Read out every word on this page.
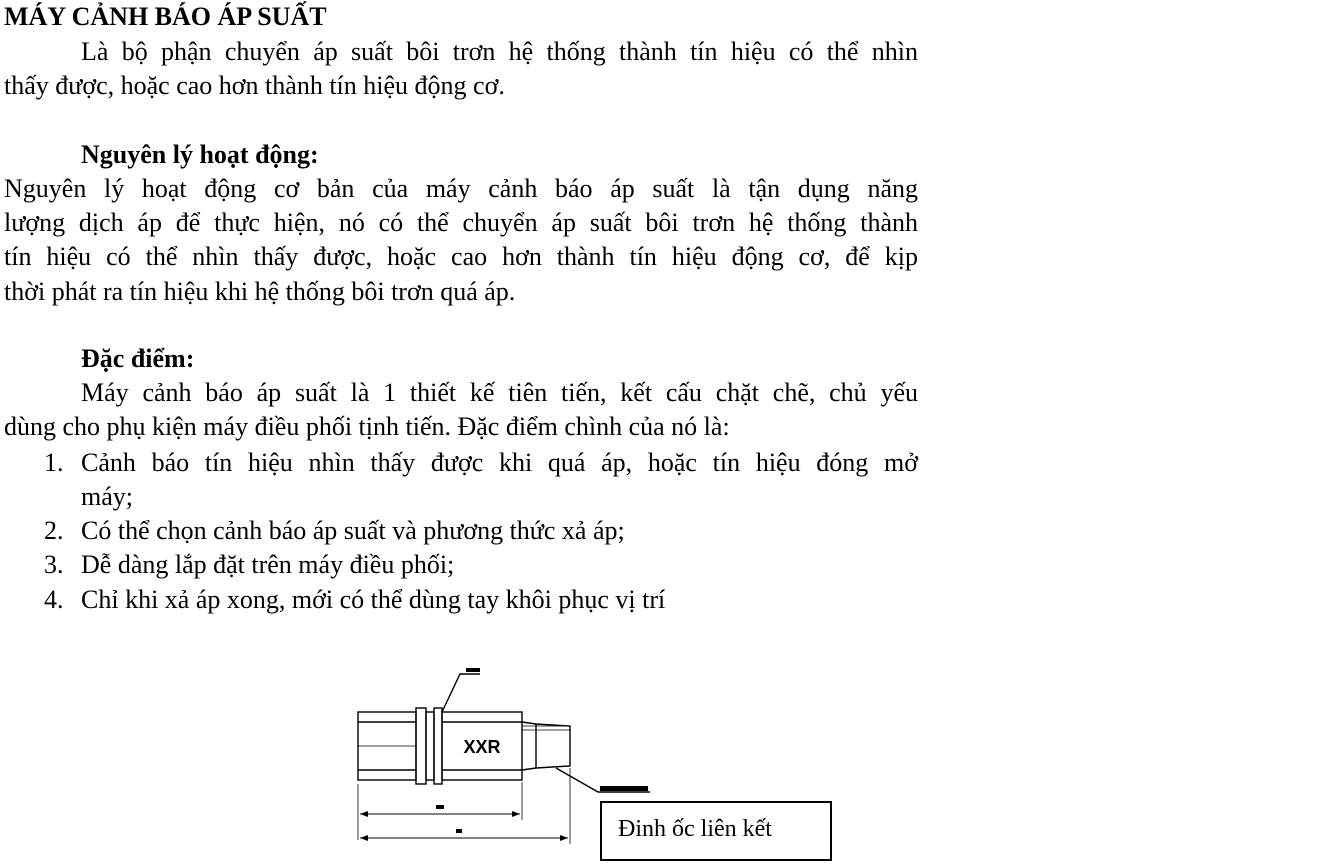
MÁY CẢNH BÁO ÁP SUẤT
Là bộ phận chuyển áp suất bôi trơn hệ thống thành tín hiệu có thể nhìn
thấy được, hoặc cao hơn thành tín hiệu động cơ.
Nguyên lý hoạt động:
Nguyên lý hoạt động cơ bản của máy cảnh báo áp suất là tận dụng năng
lượng dịch áp để thực hiện, nó có thể chuyển áp suất bôi trơn hệ thống thành
tín hiệu có thể nhìn thấy được, hoặc cao hơn thành tín hiệu động cơ, để kịp
thời phát ra tín hiệu khi hệ thống bôi trơn quá áp.
Đặc điểm:
Máy cảnh báo áp suất là 1 thiết kế tiên tiến, kết cấu chặt chẽ, chủ yếu
dùng cho phụ kiện máy điều phối tịnh tiến. Đặc điểm chình của nó là:
1. Cảnh báo tín hiệu nhìn thấy được khi quá áp, hoặc tín hiệu đóng mở
máy;
2. Có thể chọn cảnh báo áp suất và phương thức xả áp;
3. Dễ dàng lắp đặt trên máy điều phối;
4. Chỉ khi xả áp xong, mới có thể dùng tay khôi phục vị trí
XXR
Đinh ốc liên kết
